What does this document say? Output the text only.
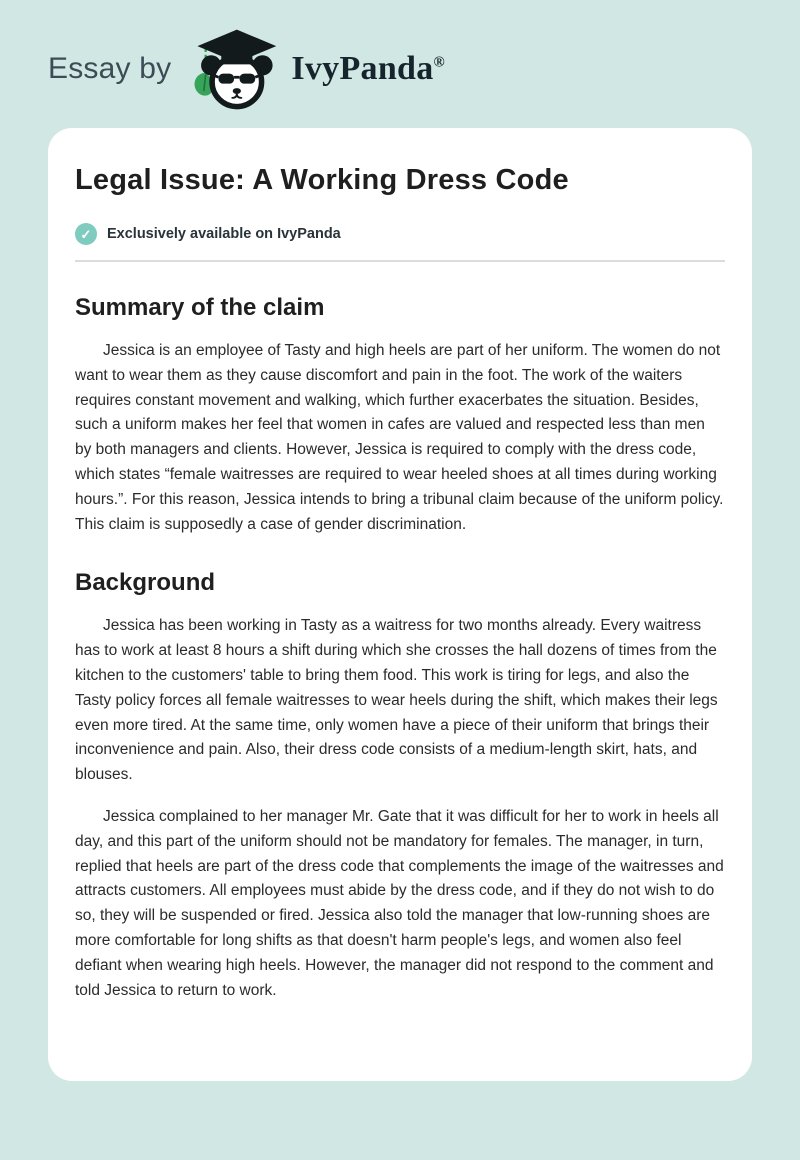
Essay by	IvyPanda®
Legal Issue: A Working Dress Code
✓	Exclusively available on IvyPanda
Summary of the claim

Jessica is an employee of Tasty and high heels are part of her uniform. The women do not want to wear them as they cause discomfort and pain in the foot. The work of the waiters requires constant movement and walking, which further exacerbates the situation. Besides, such a uniform makes her feel that women in cafes are valued and respected less than men by both managers and clients. However, Jessica is required to comply with the dress code, which states “female waitresses are required to wear heeled shoes at all times during working hours.”. For this reason, Jessica intends to bring a tribunal claim because of the uniform policy. This claim is supposedly a case of gender discrimination.

Background

Jessica has been working in Tasty as a waitress for two months already. Every waitress has to work at least 8 hours a shift during which she crosses the hall dozens of times from the kitchen to the customers' table to bring them food. This work is tiring for legs, and also the Tasty policy forces all female waitresses to wear heels during the shift, which makes their legs even more tired. At the same time, only women have a piece of their uniform that brings their inconvenience and pain. Also, their dress code consists of a medium-length skirt, hats, and blouses.

Jessica complained to her manager Mr. Gate that it was difficult for her to work in heels all day, and this part of the uniform should not be mandatory for females. The manager, in turn, replied that heels are part of the dress code that complements the image of the waitresses and attracts customers. All employees must abide by the dress code, and if they do not wish to do so, they will be suspended or fired. Jessica also told the manager that low-running shoes are more comfortable for long shifts as that doesn't harm people's legs, and women also feel defiant when wearing high heels. However, the manager did not respond to the comment and told Jessica to return to work.
